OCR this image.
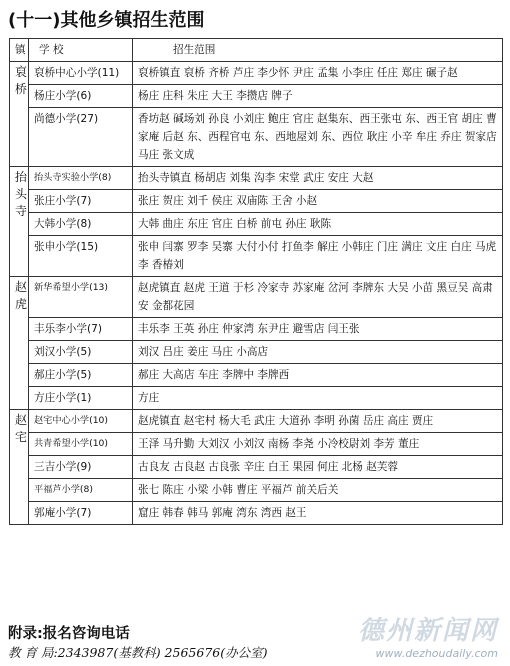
(十一)其他乡镇招生范围
镇	学 校	招生范围
裒桥	裒桥中心小学(11)	裒桥镇直 裒桥 齐桥 芦庄 李少怀 尹庄 孟集 小李庄 任庄 郑庄 碾子赵
	杨庄小学(6)	杨庄 庄科 朱庄 大王 李攒店 牌子
	尚德小学(27)	香坊赵 碱场刘 孙良 小刘庄 鲍庄 官庄 赵集东、西王张屯 东、西王官 胡庄 曹家庵 后赵 东、西程官屯 东、西地屋刘 东、西位 耿庄 小辛 牟庄 乔庄 贺家店 马庄 张文成
抬头寺	抬头寺实验小学(8)	抬头寺镇直 杨胡店 刘集 沟李 宋堂 武庄 安庄 大赵
	张庄小学(7)	张庄 贺庄 刘千 侯庄 双庙陈 王舍 小赵
	大韩小学(8)	大韩 曲庄 东庄 官庄 白桥 前屯 孙庄 耿陈
	张申小学(15)	张申 闫寨 罗李 吴寨 大付小付 打鱼李 解庄 小韩庄 门庄 满庄 文庄 白庄 马虎李 香椿刘
赵虎	新华希望小学(13)	赵虎镇直 赵虎 王道 于杉 冷家寺 苏家庵 岔河 李牌东 大吴 小苗 黑豆吴 高肃安 金都花园
	丰乐李小学(7)	丰乐李 王英 孙庄 仲家湾 东尹庄 避雪店 闫王张
	刘汉小学(5)	刘汉 吕庄 姜庄 马庄 小高店
	郝庄小学(5)	郝庄 大高店 车庄 李牌中 李牌西
	方庄小学(1)	方庄
赵宅	赵宅中心小学(10)	赵虎镇直 赵宅村 杨大毛 武庄 大道孙 李明 孙菌 岳庄 高庄 贾庄
	共青希望小学(10)	王泽 马升勤 大刘汉 小刘汉 南杨 李尧 小冷校尉刘 李芳 董庄
	三吉小学(9)	古良友 古良赵 古良张 辛庄 白王 果园 何庄 北杨 赵芙蓉
	平福芦小学(8)	张七 陈庄 小梁 小韩 曹庄 平福芦 前关后关
	郭庵小学(7)	窟庄 韩春 韩马 郭庵 湾东 湾西 赵王
附录:报名咨询电话
教 育 局:2343987(基教科) 2565676(办公室)
德州新闻网
www.dezhoudaily.com
